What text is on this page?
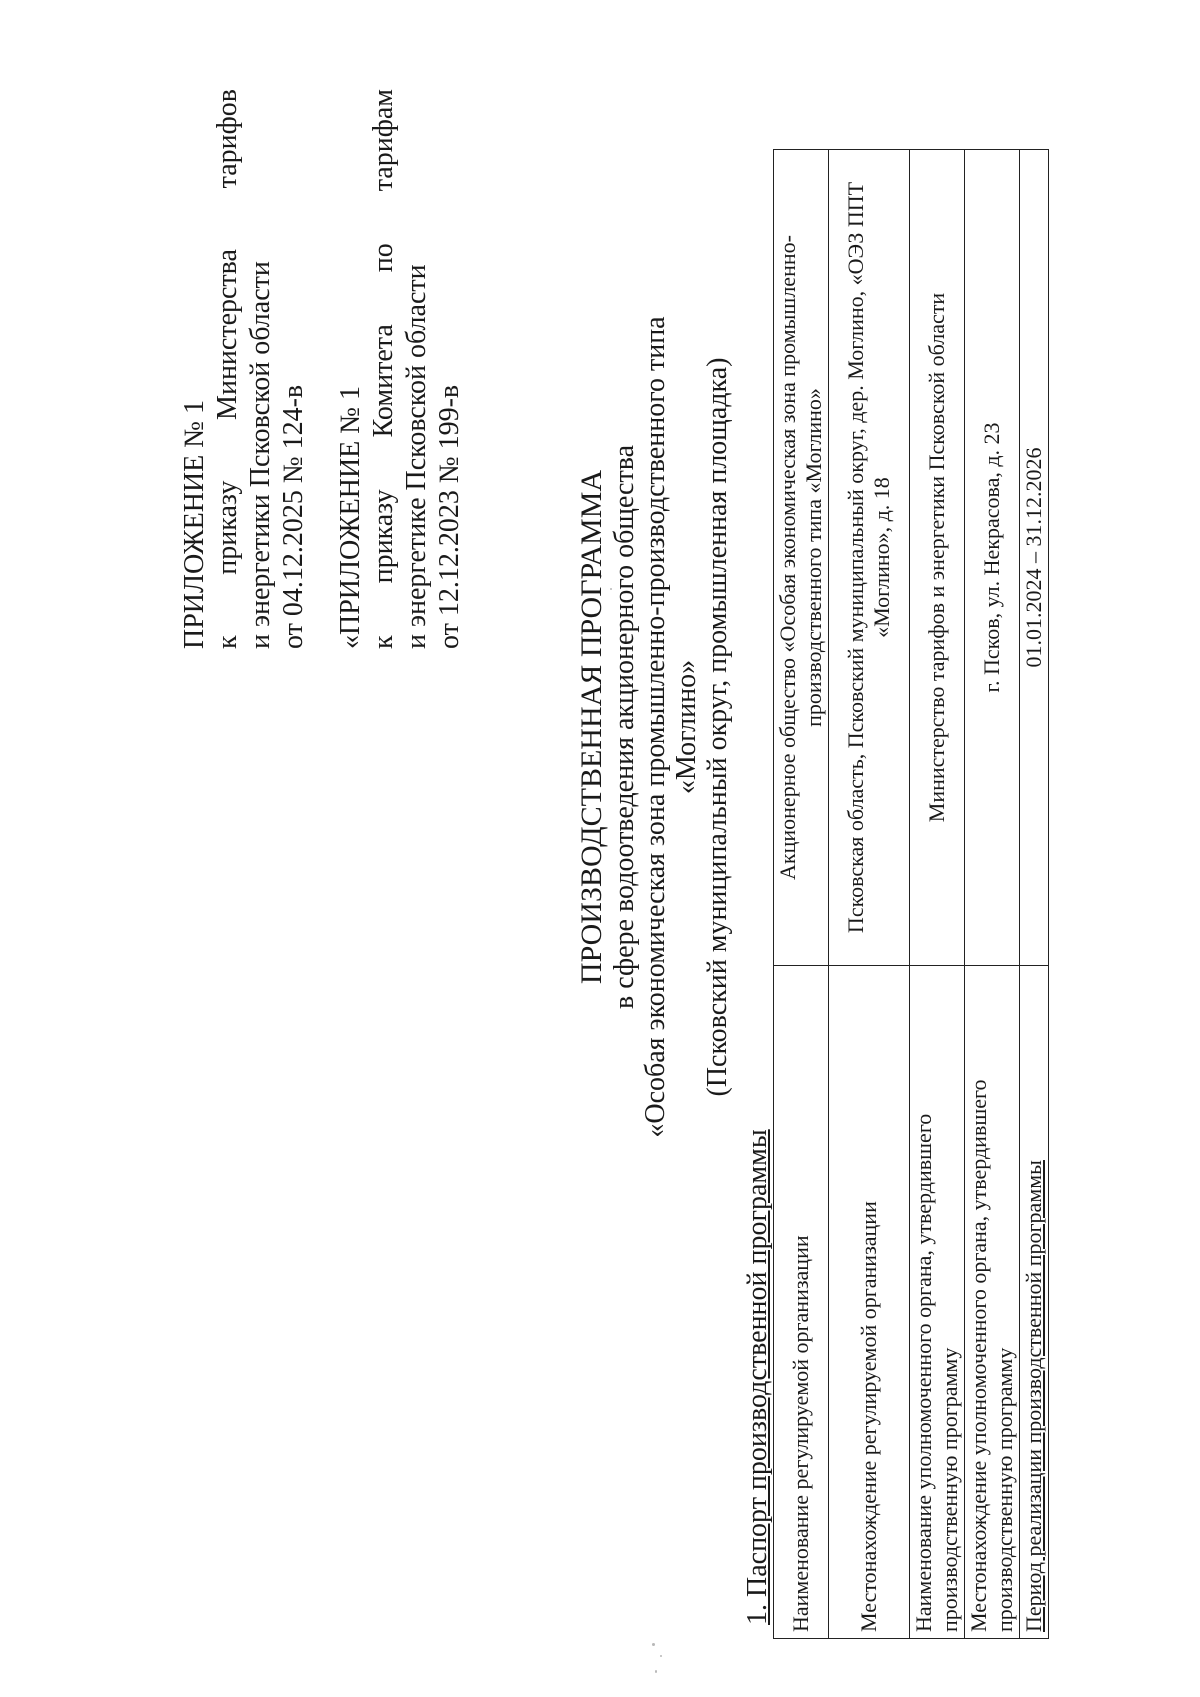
ПРИЛОЖЕНИЕ № 1 к приказу Министерства тарифов и энергетики Псковской области от 04.12.2025 № 124-в «ПРИЛОЖЕНИЕ № 1 к приказу Комитета по тарифам и энергетике Псковской области от 12.12.2023 № 199-в	ПРОИЗВОДСТВЕННАЯ ПРОГРАММА в сфере водоотведения акционерного общества «Особая экономическая зона промышленно-производственного типа «Моглино» (Псковский муниципальный округ, промышленная площадка)
1. Паспорт производственной программы Наименование регулируемой организации	Акционерное общество «Особая экономическая зона промышленно-производственного типа «Моглино»
Местонахождение регулируемой организации	Псковская область, Псковский муниципальный округ, дер. Моглино, «ОЭЗ ППТ «Моглино», д. 18
Наименование уполномоченного органа, утвердившего производственную программу	Министерство тарифов и энергетики Псковской области
Местонахождение уполномоченного органа, утвердившего производственную программу	г. Псков, ул. Некрасова, д. 23
Период реализации производственной программы	01.01.2024 – 31.12.2026
